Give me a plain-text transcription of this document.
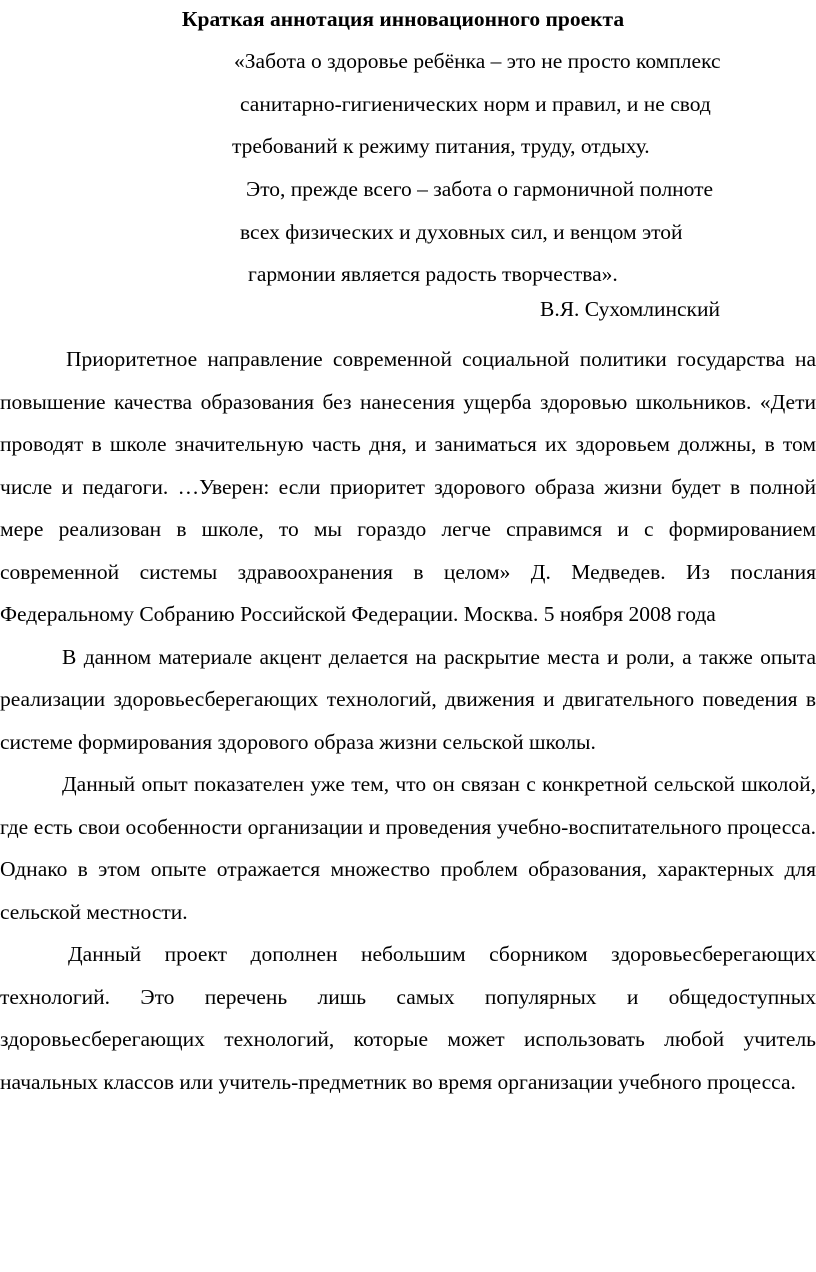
Краткая аннотация инновационного проекта
«Забота о здоровье ребёнка – это не просто комплекс
санитарно-гигиенических норм и правил, и не свод
требований к режиму питания, труду, отдыху.
Это, прежде всего – забота о гармоничной полноте
всех физических и духовных сил, и венцом этой
гармонии является радость творчества».
В.Я. Сухомлинский

Приоритетное направление современной социальной политики государства на повышение качества образования без нанесения ущерба здоровью школьников. «Дети проводят в школе значительную часть дня, и заниматься их здоровьем должны, в том числе и педагоги. …Уверен: если приоритет здорового образа жизни будет в полной мере реализован в школе, то мы гораздо легче справимся и с формированием современной системы здравоохранения в целом» Д. Медведев. Из послания Федеральному Собранию Российской Федерации. Москва. 5 ноября 2008 года

В данном материале акцент делается на раскрытие места и роли, а также опыта реализации здоровьесберегающих технологий, движения и двигательного поведения в системе формирования здорового образа жизни сельской школы.

Данный опыт показателен уже тем, что он связан с конкретной сельской школой, где есть свои особенности организации и проведения учебно-воспитательного процесса. Однако в этом опыте отражается множество проблем образования, характерных для сельской местности.

Данный проект дополнен небольшим сборником здоровьесберегающих технологий. Это перечень лишь самых популярных и общедоступных здоровьесберегающих технологий, которые может использовать любой учитель начальных классов или учитель-предметник во время организации учебного процесса.
